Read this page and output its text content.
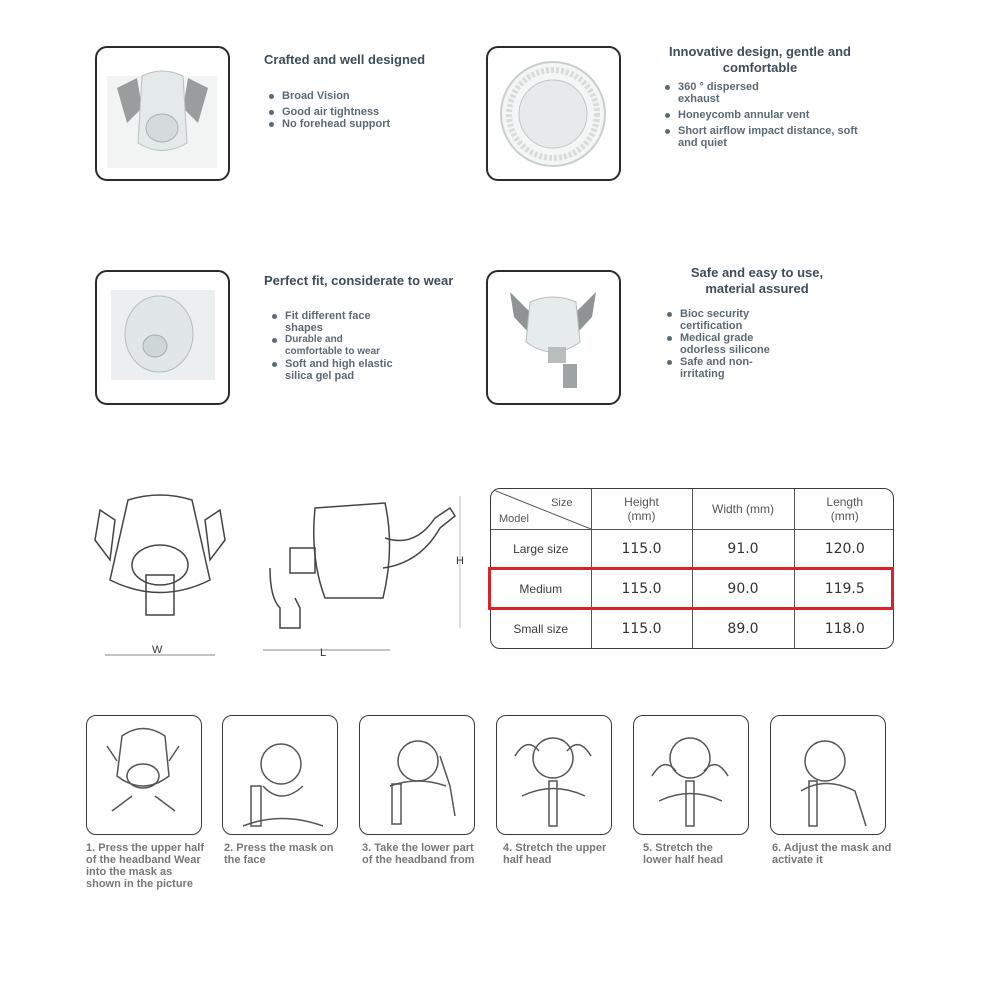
Crafted and well designed
Broad Vision
Good air tightness
No forehead support
Innovative design, gentle and comfortable
360 ° dispersed exhaust
Honeycomb annular vent
Short airflow impact distance, soft and quiet
Perfect fit, considerate to wear
Fit different face shapes
Durable and comfortable to wear
Soft and high elastic silica gel pad
Safe and easy to use, material assured
Bioc security certification
Medical grade odorless silicone
Safe and non-irritating
W	L
H
Size
Model	Height (mm)	Width (mm)	Length (mm)
Large size	115.0	91.0	120.0
Medium	115.0	90.0	119.5
Small size	115.0	89.0	118.0
1. Press the upper half of the headband Wear into the mask as shown in the picture
2. Press the mask on the face
3. Take the lower part of the headband from
4. Stretch the upper half head
5. Stretch the lower half head
6. Adjust the mask and activate it
